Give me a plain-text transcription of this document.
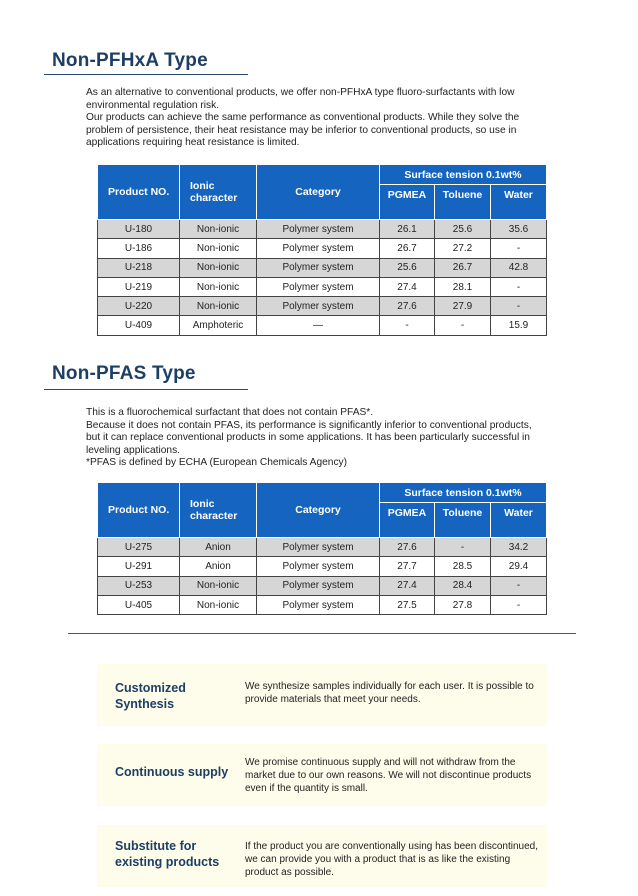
Non-PFHxA Type

As an alternative to conventional products, we offer non-PFHxA type fluoro-surfactants with low environmental regulation risk.

Our products can achieve the same performance as conventional products. While they solve the problem of persistence, their heat resistance may be inferior to conventional products, so use in applications requiring heat resistance is limited.

Product NO.	Ionic character	Category	Surface tension 0.1wt%		
			PGMEA	Toluene	Water
U-180	Non-ionic	Polymer system	26.1	25.6	35.6
U-186	Non-ionic	Polymer system	26.7	27.2	-
U-218	Non-ionic	Polymer system	25.6	26.7	42.8
U-219	Non-ionic	Polymer system	27.4	28.1	-
U-220	Non-ionic	Polymer system	27.6	27.9	-
U-409	Amphoteric	—	-	-	15.9
Non-PFAS Type

This is a fluorochemical surfactant that does not contain PFAS*.

Because it does not contain PFAS, its performance is significantly inferior to conventional products, but it can replace conventional products in some applications. It has been particularly successful in leveling applications.

*PFAS is defined by ECHA (European Chemicals Agency)

Product NO.	Ionic character	Category	Surface tension 0.1wt%		
			PGMEA	Toluene	Water
U-275	Anion	Polymer system	27.6	-	34.2
U-291	Anion	Polymer system	27.7	28.5	29.4
U-253	Non-ionic	Polymer system	27.4	28.4	-
U-405	Non-ionic	Polymer system	27.5	27.8	-
Customized Synthesis
We synthesize samples individually for each user. It is possible to provide materials that meet your needs.
Continuous supply
We promise continuous supply and will not withdraw from the market due to our own reasons. We will not discontinue products even if the quantity is small.
Substitute for existing products
If the product you are conventionally using has been discontinued, we can provide you with a product that is as like the existing product as possible.
